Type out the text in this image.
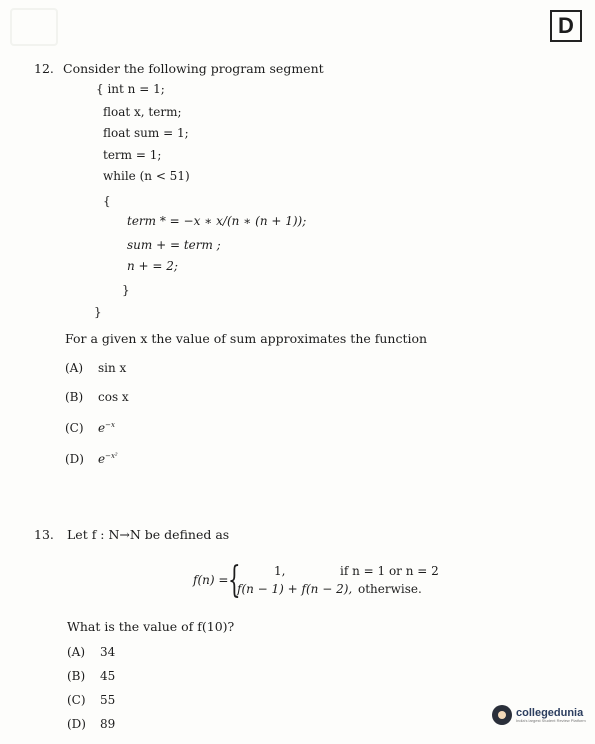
D
12. Consider the following program segment
{ int n = 1;
float x, term;
float sum = 1;
term = 1;
while (n < 51)
{
term * = −x ∗ x/(n ∗ (n + 1));
sum + = term ;
n + = 2;
}
}
For a given x the value of sum approximates the function
(A) sin x
(B) cos x
(C) $e^{-x}$
(D) $e^{-x^2}$
13. Let f : N→N be defined as
f(n) = {	1,	if n = 1 or n = 2
f(n − 1) + f(n − 2), otherwise.
What is the value of f(10)?
(A) 34
(B) 45
(C) 55
(D) 89
collegedunia
India's largest Student Review Platform
